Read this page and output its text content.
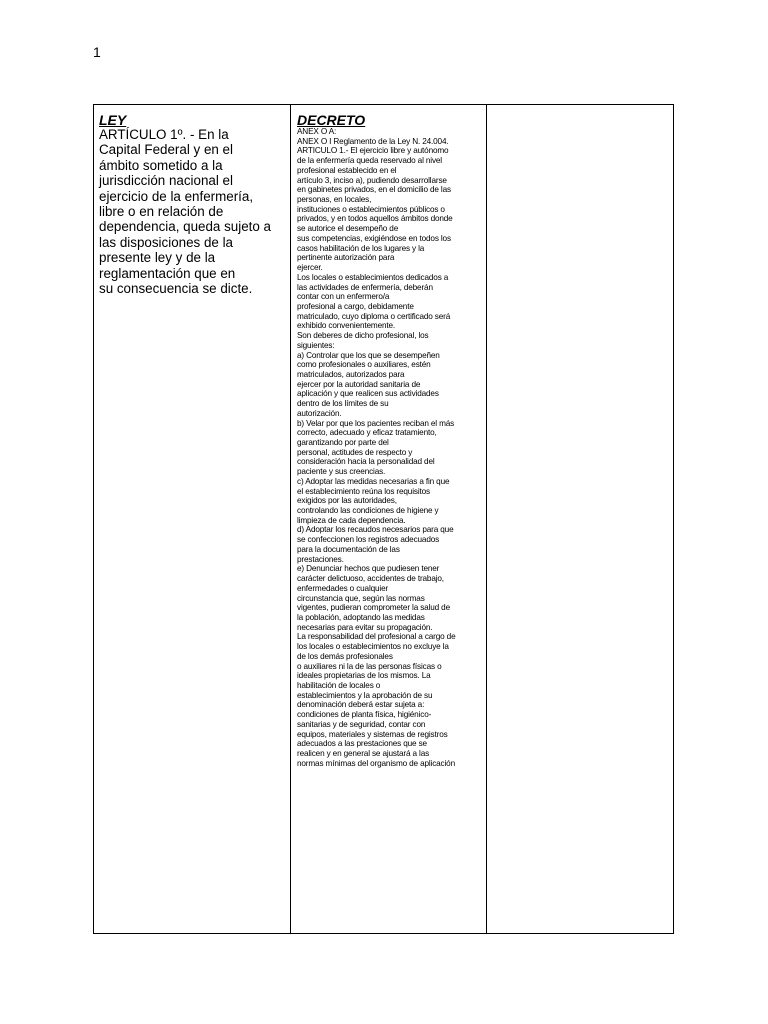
1
LEY
ARTÍCULO 1º. - En la
Capital Federal y en el
ámbito sometido a la
jurisdicción nacional el
ejercicio de la enfermería,
libre o en relación de
dependencia, queda sujeto a
las disposiciones de la
presente ley y de la
reglamentación que en
su consecuencia se dicte.
DECRETO
ANEX O A:
ANEX O I Reglamento de la Ley N. 24.004.
ARTICULO 1.- El ejercicio libre y autónomo
de la enfermería queda reservado al nivel
profesional establecido en el
artículo 3, inciso a), pudiendo desarrollarse
en gabinetes privados, en el domicilio de las
personas, en locales,
instituciones o establecimientos públicos o
privados, y en todos aquellos ámbitos donde
se autorice el desempeño de
sus competencias, exigiéndose en todos los
casos habilitación de los lugares y la
pertinente autorización para
ejercer.
Los locales o establecimientos dedicados a
las actividades de enfermería, deberán
contar con un enfermero/a
profesional a cargo, debidamente
matriculado, cuyo diploma o certificado será
exhibido convenientemente.
Son deberes de dicho profesional, los
siguientes:
a) Controlar que los que se desempeñen
como profesionales o auxiliares, estén
matriculados, autorizados para
ejercer por la autoridad sanitaria de
aplicación y que realicen sus actividades
dentro de los límites de su
autorización.
b) Velar por que los pacientes reciban el más
correcto, adecuado y eficaz tratamiento,
garantizando por parte del
personal, actitudes de respecto y
consideración hacia la personalidad del
paciente y sus creencias.
c) Adoptar las medidas necesarias a fin que
el establecimiento reúna los requisitos
exigidos por las autoridades,
controlando las condiciones de higiene y
limpieza de cada dependencia.
d) Adoptar los recaudos necesarios para que
se confeccionen los registros adecuados
para la documentación de las
prestaciones.
e) Denunciar hechos que pudiesen tener
carácter delictuoso, accidentes de trabajo,
enfermedades o cualquier
circunstancia que, según las normas
vigentes, pudieran comprometer la salud de
la población, adoptando las medidas
necesarias para evitar su propagación.
La responsabilidad del profesional a cargo de
los locales o establecimientos no excluye la
de los demás profesionales
o auxiliares ni la de las personas físicas o
ideales propietarias de los mismos. La
habilitación de locales o
establecimientos y la aprobación de su
denominación deberá estar sujeta a:
condiciones de planta física, higiénico-
sanitarias y de seguridad, contar con
equipos, materiales y sistemas de registros
adecuados a las prestaciones que se
realicen y en general se ajustará a las
normas mínimas del organismo de aplicación
